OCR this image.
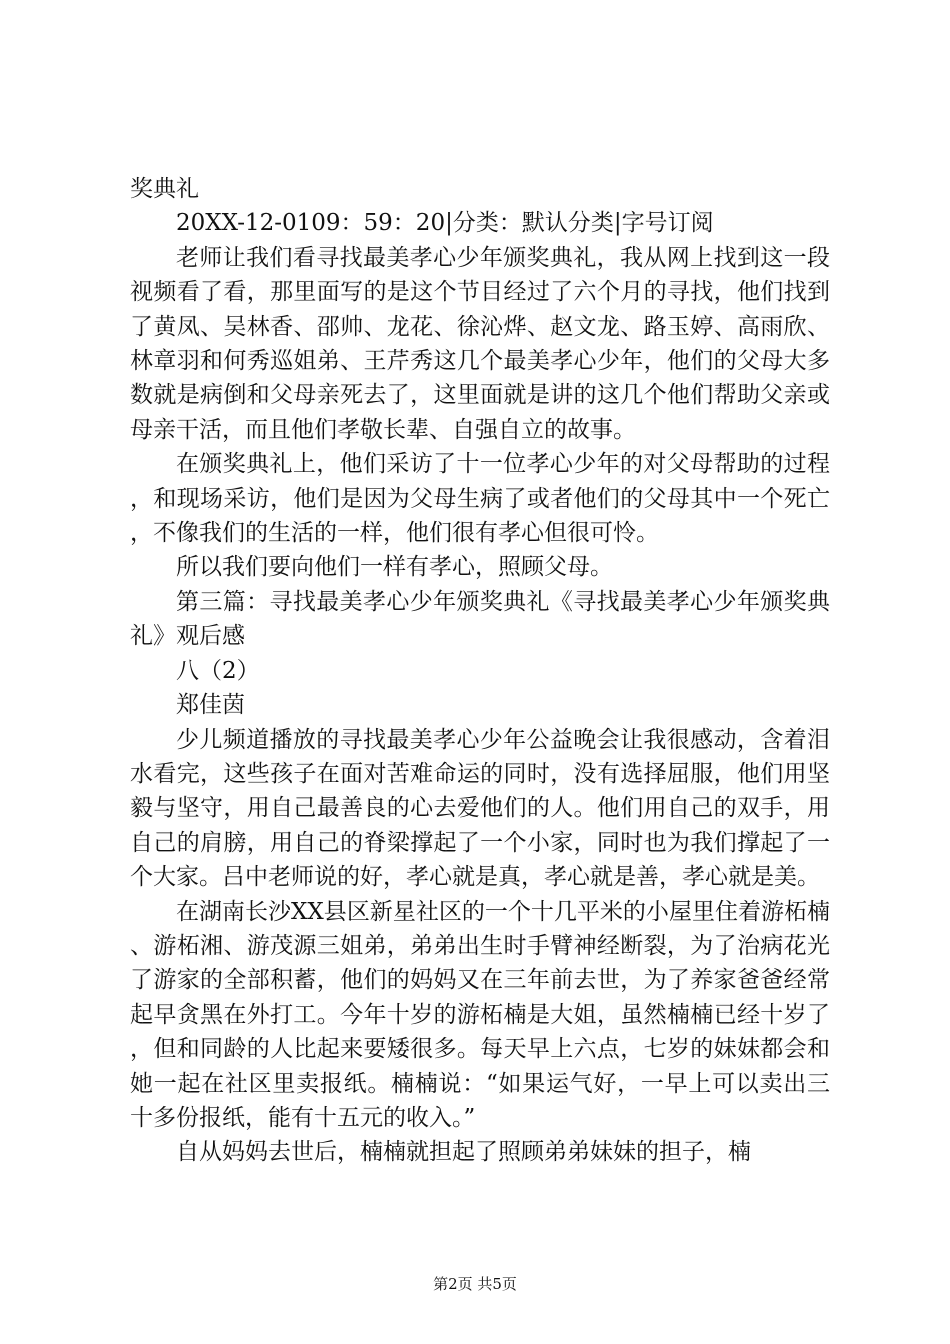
奖典礼

20XX-12-0109：59：20|分类：默认分类|字号订阅

老师让我们看寻找最美孝心少年颁奖典礼，我从网上找到这一段视频看了看，那里面写的是这个节目经过了六个月的寻找，他们找到了黄凤、吴林香、邵帅、龙花、徐沁烨、赵文龙、路玉婷、高雨欣、林章羽和何秀巡姐弟、王芹秀这几个最美孝心少年，他们的父母大多数就是病倒和父母亲死去了，这里面就是讲的这几个他们帮助父亲或母亲干活，而且他们孝敬长辈、自强自立的故事。

在颁奖典礼上，他们采访了十一位孝心少年的对父母帮助的过程，和现场采访，他们是因为父母生病了或者他们的父母其中一个死亡，不像我们的生活的一样，他们很有孝心但很可怜。

所以我们要向他们一样有孝心，照顾父母。

第三篇：寻找最美孝心少年颁奖典礼《寻找最美孝心少年颁奖典礼》观后感

八（2）

郑佳茵

少儿频道播放的寻找最美孝心少年公益晚会让我很感动，含着泪水看完，这些孩子在面对苦难命运的同时，没有选择屈服，他们用坚毅与坚守，用自己最善良的心去爱他们的人。他们用自己的双手，用自己的肩膀，用自己的脊梁撑起了一个小家，同时也为我们撑起了一个大家。吕中老师说的好，孝心就是真，孝心就是善，孝心就是美。

在湖南长沙XX县区新星社区的一个十几平米的小屋里住着游柘楠、游柘湘、游茂源三姐弟，弟弟出生时手臂神经断裂，为了治病花光了游家的全部积蓄，他们的妈妈又在三年前去世，为了养家爸爸经常起早贪黑在外打工。今年十岁的游柘楠是大姐，虽然楠楠已经十岁了，但和同龄的人比起来要矮很多。每天早上六点，七岁的妹妹都会和她一起在社区里卖报纸。楠楠说：“如果运气好，一早上可以卖出三十多份报纸，能有十五元的收入。”

自从妈妈去世后，楠楠就担起了照顾弟弟妹妹的担子，楠

第2页 共5页
